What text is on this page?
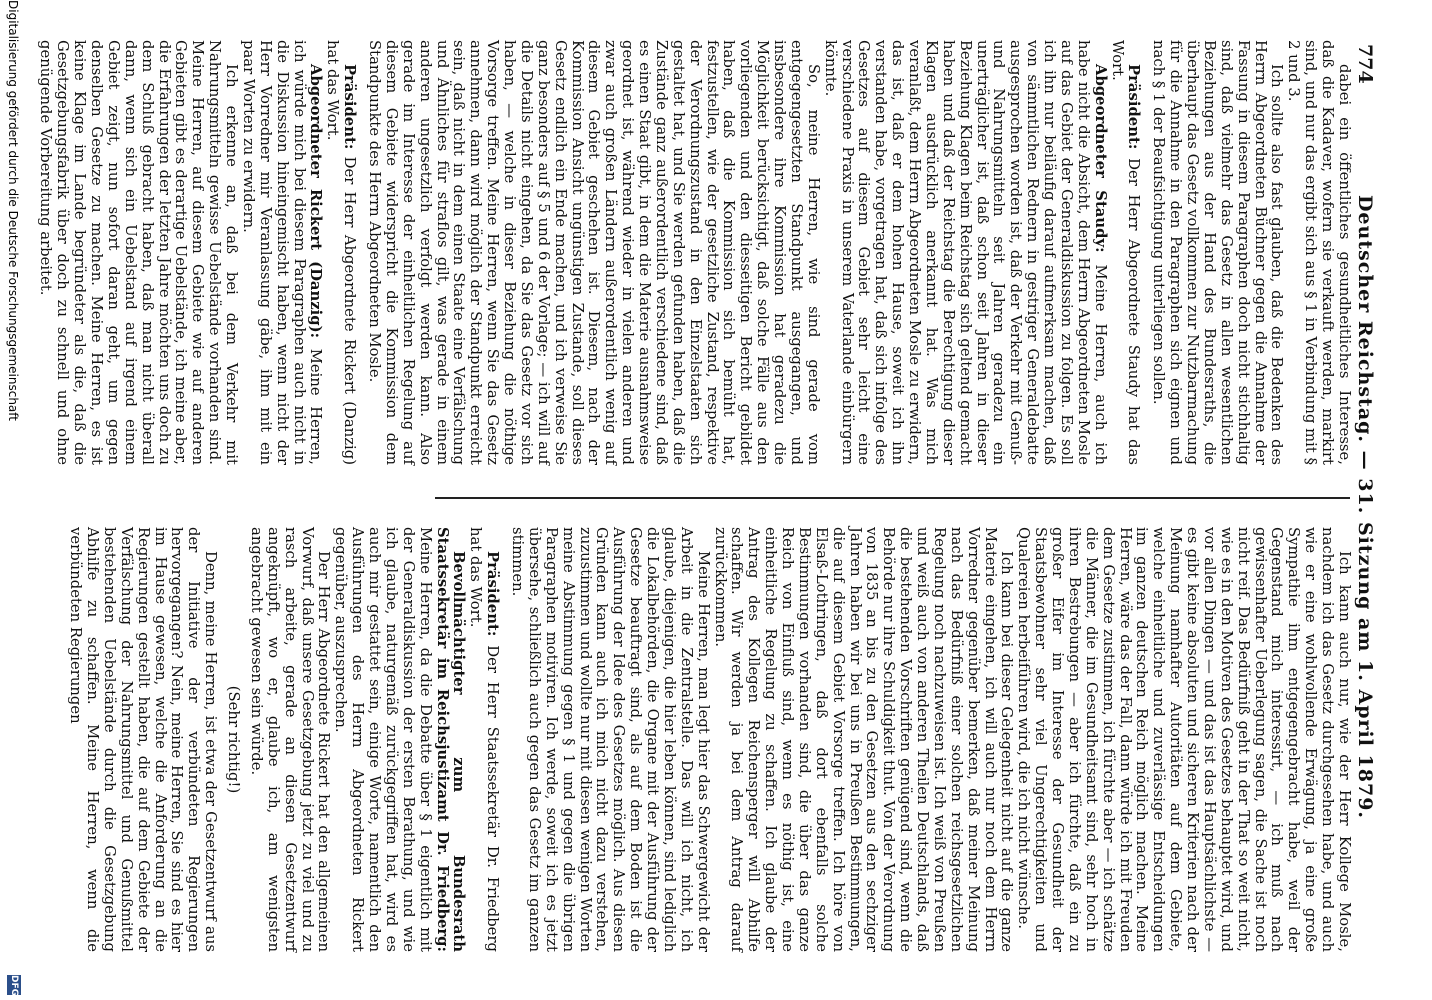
774
Deutscher Reichstag. — 31. Sitzung am 1. April 1879.

dabei ein öffentliches gesundheitliches Interesse, daß die Kadaver, wofern sie verkauft werden, markirt sind, und nur das ergibt sich aus § 1 in Verbindung mit § 2 und 3.

Ich sollte also fast glauben, daß die Bedenken des Herrn Abgeordneten Büchner gegen die Annahme der Fassung in diesem Paragraphen doch nicht stichhaltig sind, daß vielmehr das Gesetz in allen wesentlichen Beziehungen aus der Hand des Bundesraths, die überhaupt das Gesetz vollkommen zur Nutzbarmachung für die Annahme in den Paragraphen sich eignen und nach § 1 der Beaufsichtigung unterliegen sollen.

Präsident: Der Herr Abgeordnete Staudy hat das Wort.

Abgeordneter Staudy: Meine Herren, auch ich habe nicht die Absicht, dem Herrn Abgeordneten Mosle auf das Gebiet der Generaldiskussion zu folgen. Es soll ich ihn nur beiläufig darauf aufmerksam machen, daß von sämmtlichen Rednern in gestriger Generaldebatte ausgesprochen worden ist, daß der Verkehr mit Genuß- und Nahrungsmitteln seit Jahren geradezu ein unerträglicher ist, daß schon seit Jahren in dieser Beziehung Klagen beim Reichstag sich geltend gemacht haben und daß der Reichstag die Berechtigung dieser Klagen ausdrücklich anerkannt hat. Was mich veranlaßt, dem Herrn Abgeordneten Mosle zu erwidern, das ist, daß er dem hohen Hause, soweit ich ihn verstanden habe, vorgetragen hat, daß sich infolge des Gesetzes auf diesem Gebiet sehr leicht eine verschiedene Praxis in unserem Vaterlande einbürgern könnte.

So, meine Herren, wie sind gerade vom entgegengesetzten Standpunkt ausgegangen, und insbesondere ihre Kommission hat geradezu die Möglichkeit berücksichtigt, daß solche Fälle aus den vorliegenden und den diesseitigen Bericht gebildet haben, daß die Kommission sich bemüht hat, festzustellen, wie der gesetzliche Zustand, respektive der Verordnungszustand in den Einzelstaaten sich gestaltet hat, und Sie werden gefunden haben, daß die Zustände ganz außerordentlich verschiedene sind, daß es einen Staat gibt, in dem die Materie ausnahmsweise geordnet ist, während wieder in vielen anderen und zwar auch großen Ländern außerordentlich wenig auf diesem Gebiet geschehen ist. Diesem, nach der Kommission Ansicht ungünstigen Zustande, soll dieses Gesetz endlich ein Ende machen, und ich verweise Sie ganz besonders auf § 5 und 6 der Vorlage; — ich will auf die Details nicht eingehen, da Sie das Gesetz vor sich haben, — welche in dieser Beziehung die nöthige Vorsorge treffen. Meine Herren, wenn Sie das Gesetz annehmen, dann wird möglich der Standpunkt erreicht sein, daß nicht in dem einen Staate eine Verfälschung und Ähnliches für straflos gilt, was gerade in einem anderen ungesetzlich verfolgt werden kann. Also gerade im Interesse der einheitlichen Regelung auf diesem Gebiete widerspricht die Kommission dem Standpunkte des Herrn Abgeordneten Mosle.

Präsident: Der Herr Abgeordnete Rickert (Danzig) hat das Wort.

Abgeordneter Rickert (Danzig): Meine Herren, ich würde mich bei diesem Paragraphen auch nicht in die Diskussion hineingemischt haben, wenn nicht der Herr Vorredner mir Veranlassung gäbe, ihm mit ein paar Worten zu erwidern.

Ich erkenne an, daß bei dem Verkehr mit Nahrungsmitteln gewisse Uebelstände vorhanden sind. Meine Herren, auf diesem Gebiete wie auf anderen Gebieten gibt es derartige Uebelstände, ich meine aber, die Erfahrungen der letzten Jahre möchten uns doch zu dem Schluß gebracht haben, daß man nicht überall dann, wenn sich ein Uebelstand auf irgend einem Gebiet zeigt, nun sofort daran geht, um gegen denselben Gesetze zu machen. Meine Herren, es ist keine Klage im Lande begründeter als die, daß die Gesetzgebungsfabrik über doch zu schnell und ohne genügende Vorbereitung arbeitet.

Ich kann auch nur, wie der Herr Kollege Mosle, nachdem ich das Gesetz durchgesehen habe, und auch wie er eine wohlwollende Erwägung, ja eine große Sympathie ihm entgegengebracht habe, weil der Gegenstand mich interessirt, — ich muß nach gewissenhafter Ueberlegung sagen, die Sache ist noch nicht reif. Das Bedürfniß geht in der That so weit nicht, wie es in den Motiven des Gesetzes behauptet wird, und vor allen Dingen — und das ist das Hauptsächlichste — es gibt keine absoluten und sicheren Kriterien nach der Meinung namhafter Autoritäten auf dem Gebiete, welche einheitliche und zuverlässige Entscheidungen im ganzen deutschen Reich möglich machen. Meine Herren, wäre das der Fall, dann würde ich mit Freuden dem Gesetze zustimmen, ich fürchte aber — ich schätze die Männer, die im Gesundheitsamt sind, sehr hoch in ihren Bestrebungen — aber ich fürchte, daß ein zu großer Eifer im Interesse der Gesundheit der Staatsbewohner sehr viel Ungerechtigkeiten und Qualereien herbeiführen wird, die ich nicht wünsche.

Ich kann bei dieser Gelegenheit nicht auf die ganze Materie eingehen, ich will auch nur noch dem Herrn Vorredner gegenüber bemerken, daß meiner Meinung nach das Bedürfniß einer solchen reichsgesetzlichen Regelung noch nachzuweisen ist. Ich weiß von Preußen und weiß auch von anderen Theilen Deutschlands, daß die bestehenden Vorschriften genügend sind, wenn die Behörde nur ihre Schuldigkeit thut. Von der Verordnung von 1835 an bis zu den Gesetzen aus den sechziger Jahren haben wir bei uns in Preußen Bestimmungen, die auf diesem Gebiet Vorsorge treffen. Ich höre von Elsaß-Lothringen, daß dort ebenfalls solche Bestimmungen vorhanden sind, die über das ganze Reich von Einfluß sind, wenn es nöthig ist, eine einheitliche Regelung zu schaffen. Ich glaube der Antrag des Kollegen Reichensperger will Abhilfe schaffen. Wir werden ja bei dem Antrag darauf zurückkommen.

Meine Herren, man legt hier das Schwergewicht der Arbeit in die Zentralstelle. Das will ich nicht, ich glaube, diejenigen, die hier leben können, sind lediglich die Lokalbehörden, die Organe mit der Ausführung der Gesetze beauftragt sind, als auf dem Boden ist die Ausführung der Idee des Gesetzes möglich. Aus diesen Gründen kann auch ich mich nicht dazu verstehen, zuzustimmen und wollte nur mit diesen wenigen Worten meine Abstimmung gegen § 1 und gegen die übrigen Paragraphen motiviren. Ich werde, soweit ich es jetzt übersehe, schließlich auch gegen das Gesetz im ganzen stimmen.

Präsident: Der Herr Staatssekretär Dr. Friedberg hat das Wort.

Bevollmächtigter zum Bundesrath Staatssekretär im Reichsjustizamt Dr. Friedberg: Meine Herren, da die Debatte über § 1 eigentlich mit der Generaldiskussion der ersten Berathung, und wie ich glaube, naturgemäß zurückgegriffen hat, wird es auch mir gestattet sein, einige Worte, namentlich den Ausführungen des Herrn Abgeordneten Rickert gegenüber, auszusprechen.

Der Herr Abgeordnete Rickert hat den allgemeinen Vorwurf, daß unsere Gesetzgebung jetzt zu viel und zu rasch arbeite, gerade an diesen Gesetzentwurf angeknüpft, wo er, glaube ich, am wenigsten angebracht gewesen sein würde.

(Sehr richtig!)

Denn, meine Herren, ist etwa der Gesetzentwurf aus der Initiative der verbündeten Regierungen hervorgegangen? Nein, meine Herren, Sie sind es hier im Hause gewesen, welche die Anforderung an die Regierungen gestellt haben, die auf dem Gebiete der Verfälschung der Nahrungsmittel und Genußmittel bestehenden Uebelstände durch die Gesetzgebung Abhilfe zu schaffen. Meine Herren, wenn die verbündeten Regierungen

Digitalisierung gefördert durch die Deutsche Forschungsgemeinschaft
DFG
